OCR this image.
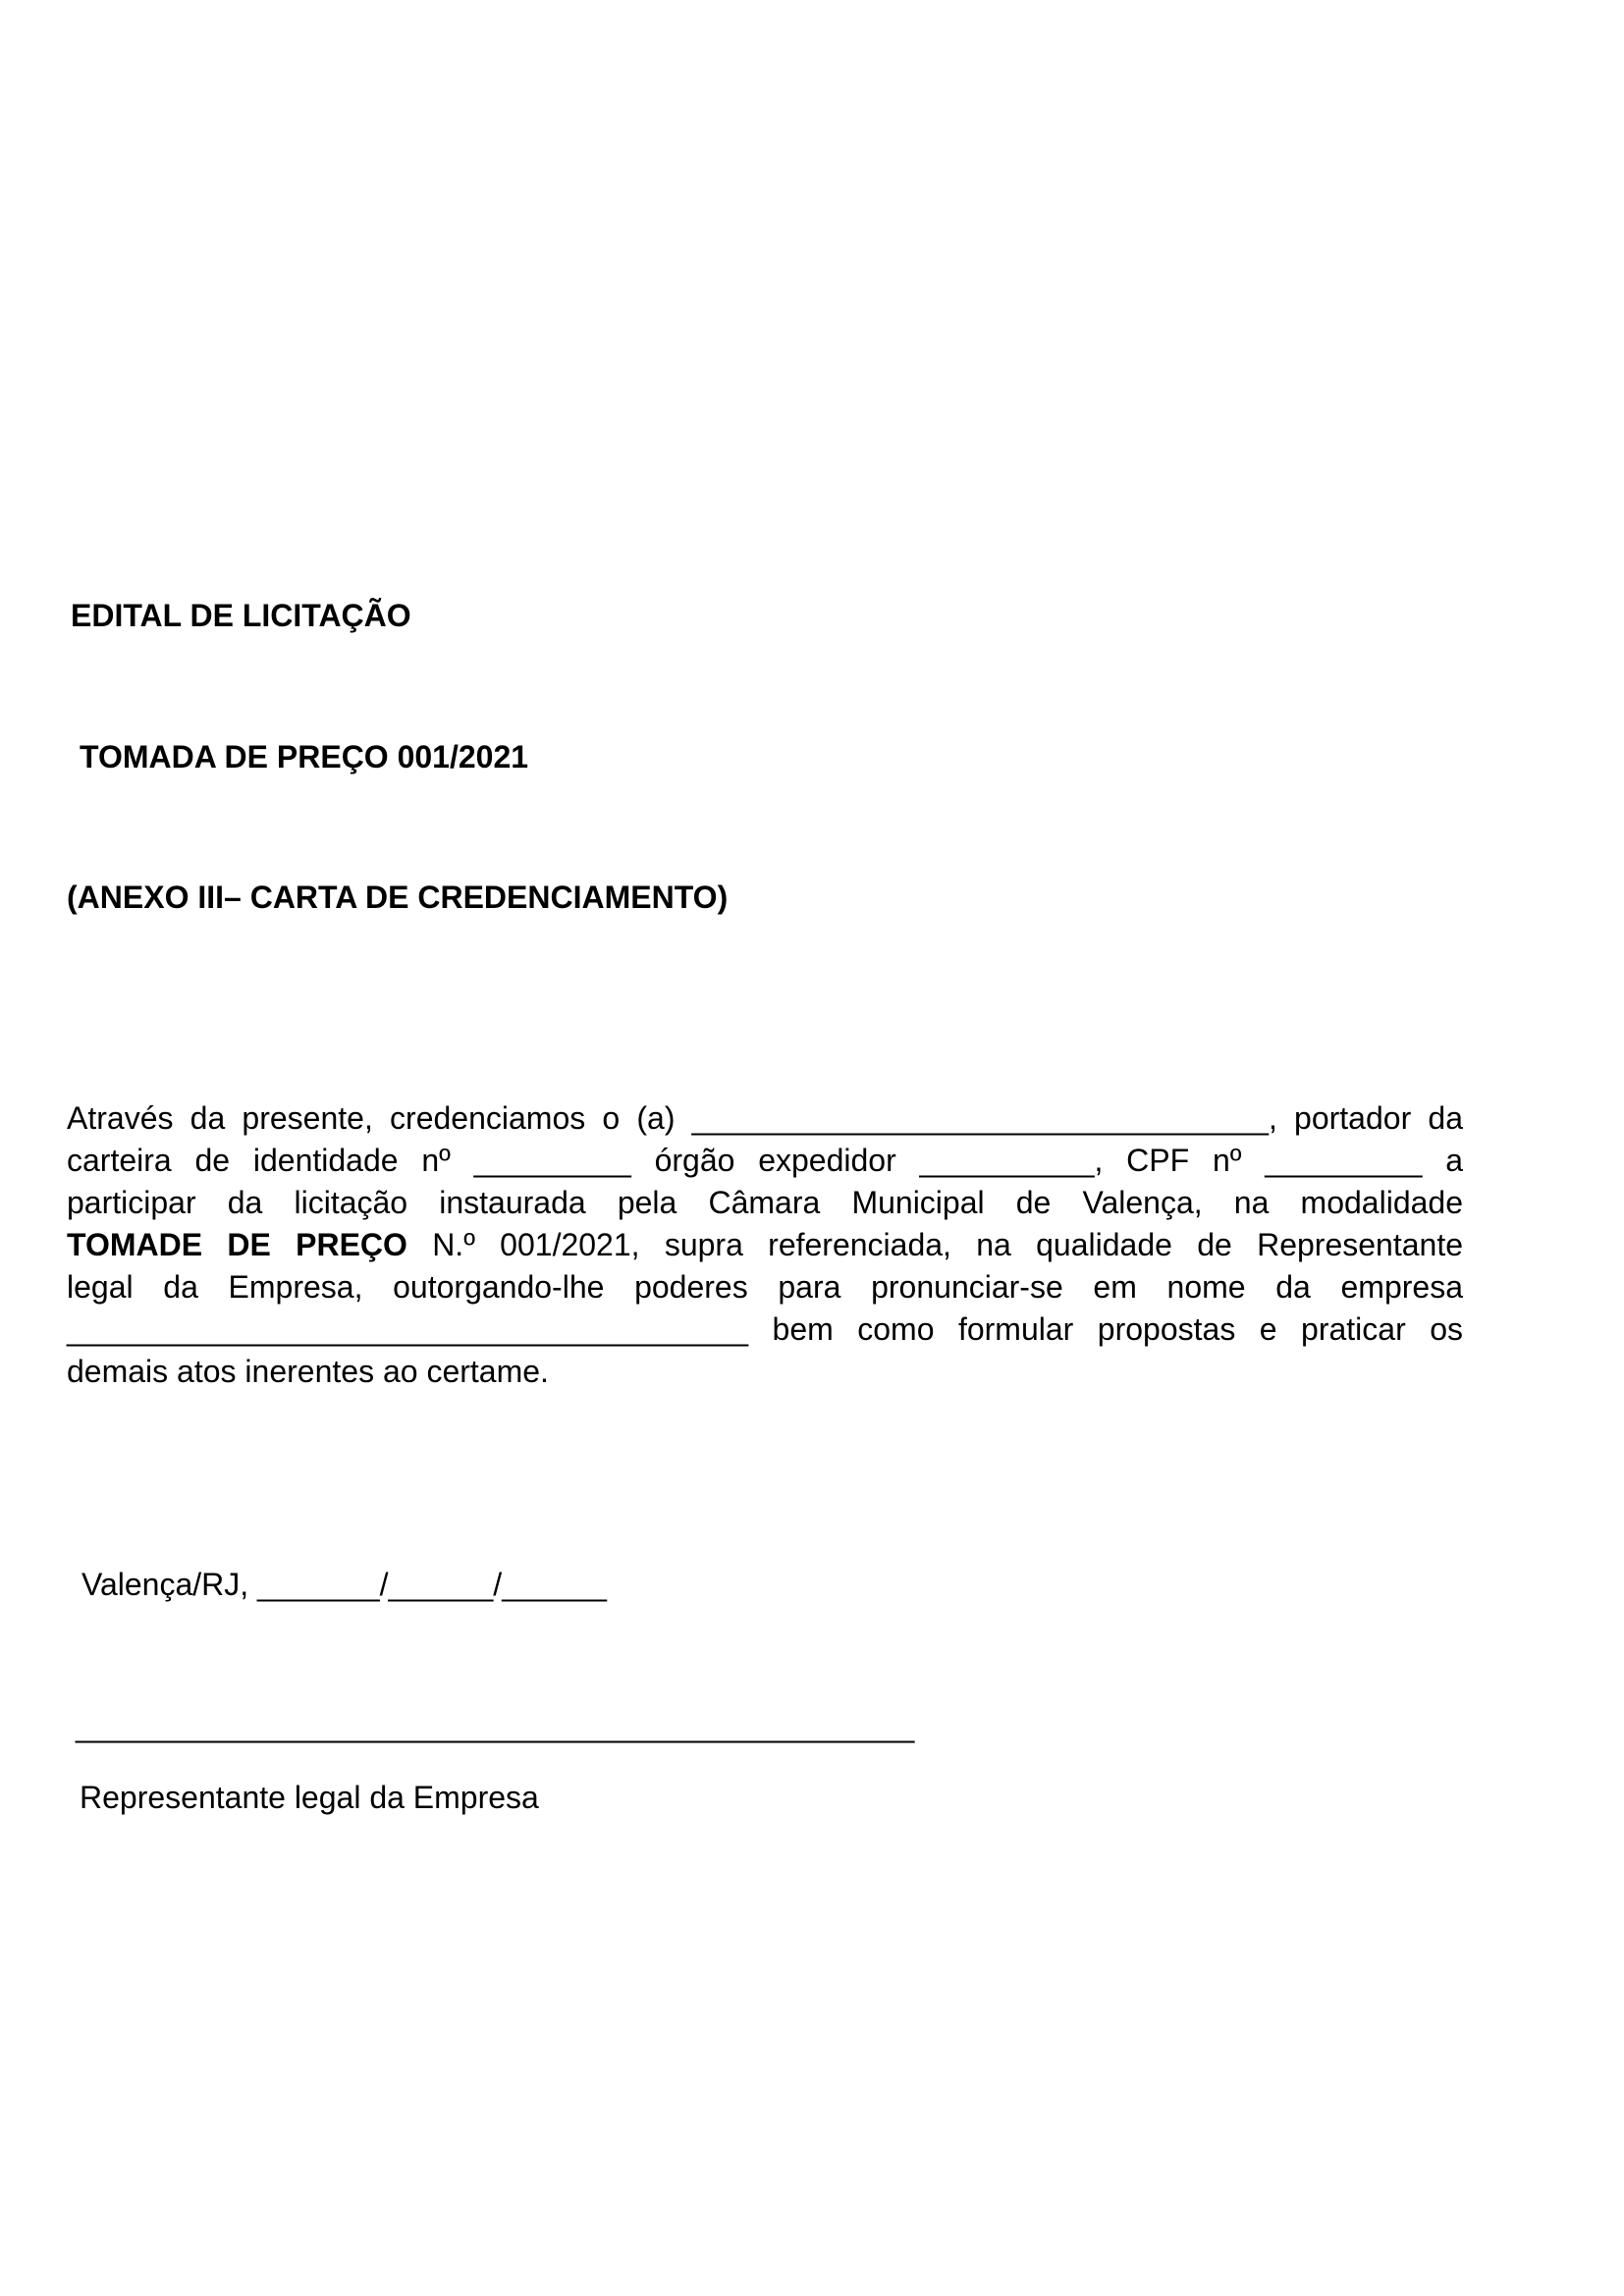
EDITAL DE LICITAÇÃO
TOMADA DE PREÇO 001/2021
(ANEXO III– CARTA DE CREDENCIAMENTO)
Através da presente, credenciamos o (a) _________________________________, portador da
carteira de identidade nº _________ órgão expedidor __________, CPF nº _________ a
participar da licitação instaurada pela Câmara Municipal de Valença, na modalidade
TOMADE DE PREÇO N.º 001/2021, supra referenciada, na qualidade de Representante
legal da Empresa, outorgando-lhe poderes para pronunciar-se em nome da empresa
_______________________________________ bem como formular propostas e praticar os
demais atos inerentes ao certame.
Valença/RJ, _______/______/______
________________________________________________
Representante legal da Empresa
